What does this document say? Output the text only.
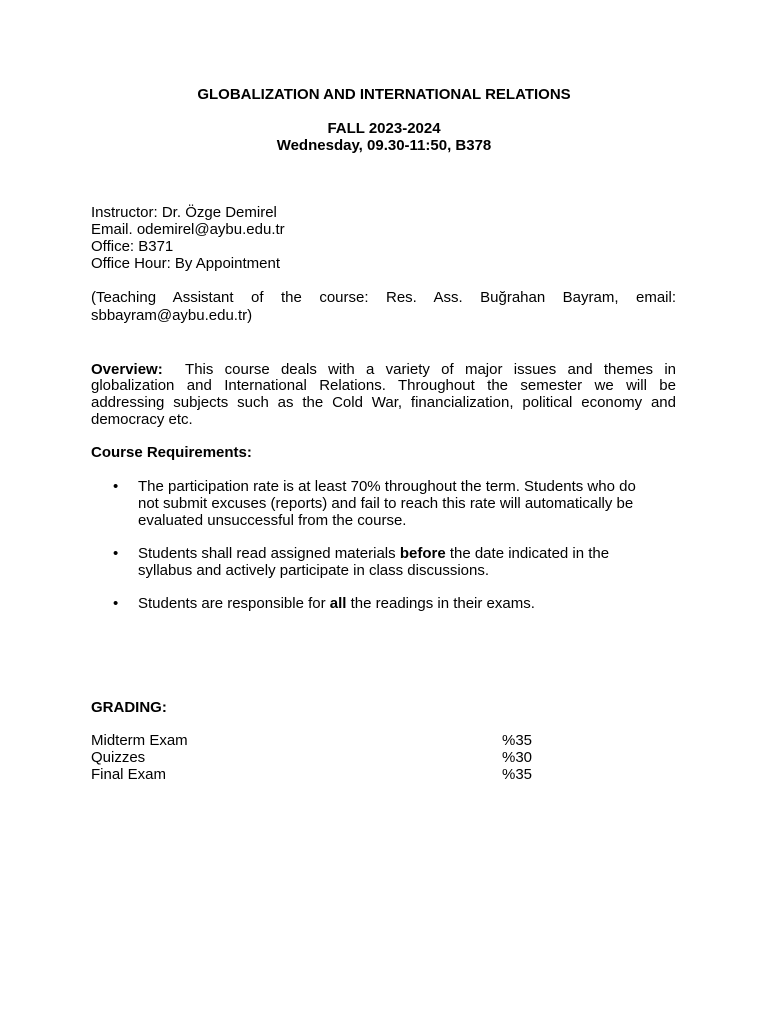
GLOBALIZATION AND INTERNATIONAL RELATIONS
FALL 2023-2024
Wednesday, 09.30-11:50, B378
Instructor: Dr. Özge Demirel
Email. odemirel@aybu.edu.tr
Office: B371
Office Hour: By Appointment
(Teaching Assistant of the course: Res. Ass. Buğrahan Bayram, email:
sbbayram@aybu.edu.tr)
Overview: This course deals with a variety of major issues and themes in
globalization and International Relations. Throughout the semester we will be
addressing subjects such as the Cold War, financialization, political economy and
democracy etc.
Course Requirements:
•	The participation rate is at least 70% throughout the term. Students who do
not submit excuses (reports) and fail to reach this rate will automatically be
evaluated unsuccessful from the course.
•	Students shall read assigned materials before the date indicated in the
syllabus and actively participate in class discussions.
•	Students are responsible for all the readings in their exams.
GRADING:
Midterm Exam	%35
Quizzes	%30
Final Exam	%35
